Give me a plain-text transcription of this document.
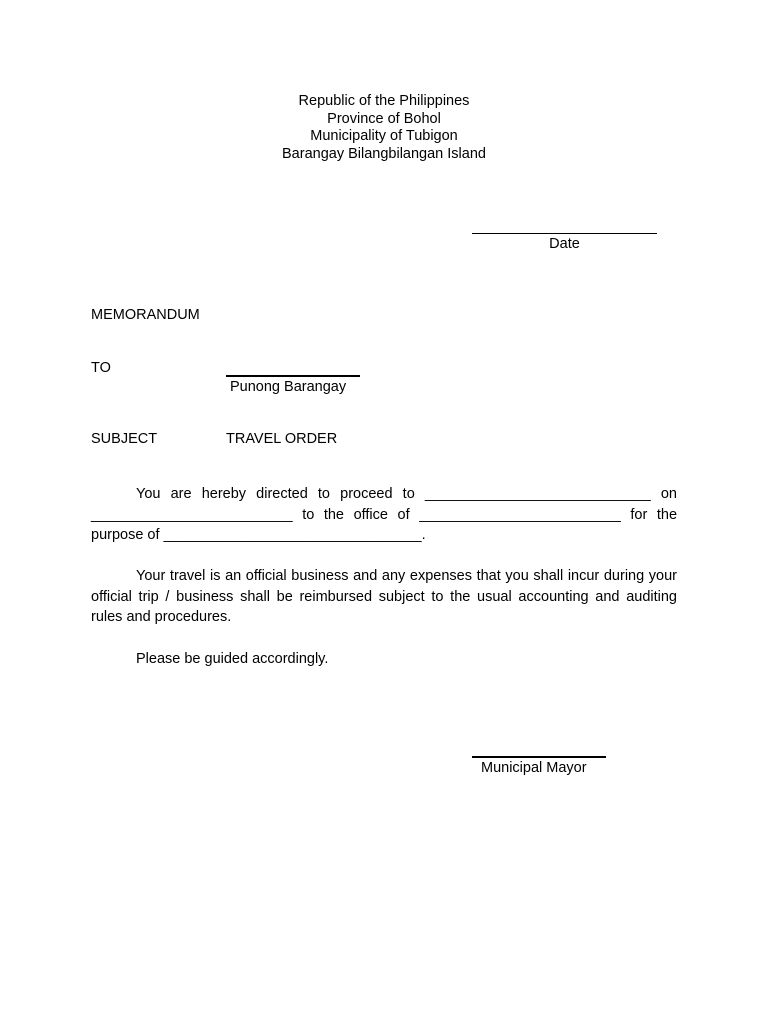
Republic of the Philippines
Province of Bohol
Municipality of Tubigon
Barangay Bilangbilangan Island
Date
MEMORANDUM
TO
Punong Barangay
SUBJECT	TRAVEL ORDER
You are hereby directed to proceed to ____________________________ on _________________________ to the office of _________________________ for the purpose of ________________________________.
Your travel is an official business and any expenses that you shall incur during your official trip / business shall be reimbursed subject to the usual accounting and auditing rules and procedures.
Please be guided accordingly.
Municipal Mayor
